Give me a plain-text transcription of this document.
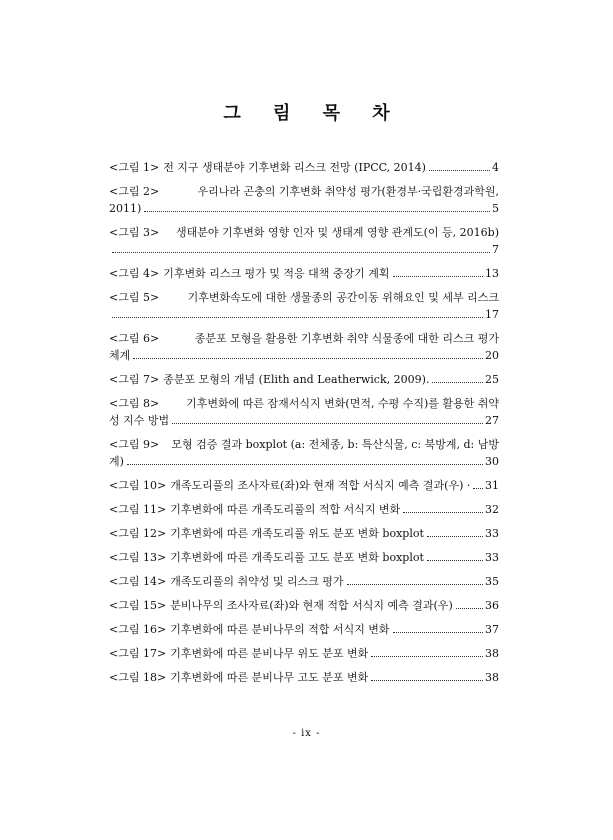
그 림 목 차
<그림 1> 전 지구 생태분야 기후변화 리스크 전망 (IPCC, 2014)	4
<그림 2>	우리나라 곤충의 기후변화 취약성 평가(환경부·국립환경과학원,
2011)	5
<그림 3> 생태분야 기후변화 영향 인자 및 생태계 영향 관계도(이 등, 2016b)
7
<그림 4> 기후변화 리스크 평가 및 적응 대책 중장기 계획	13
<그림 5>	기후변화속도에 대한 생물종의 공간이동 위해요인 및 세부 리스크
17
<그림 6>	종분포 모형을 활용한 기후변화 취약 식물종에 대한 리스크 평가
체계	20
<그림 7> 종분포 모형의 개념 (Elith and Leatherwick, 2009).	25
<그림 8> 기후변화에 따른 잠재서식지 변화(면적, 수평 수직)를 활용한 취약
성 지수 방법	27
<그림 9> 모형 검증 결과 boxplot (a: 전체종, b: 특산식물, c: 북방계, d: 남방
계)	30
<그림 10> 개족도리풀의 조사자료(좌)와 현재 적합 서식지 예측 결과(우) · 31
<그림 11> 기후변화에 따른 개족도리풀의 적합 서식지 변화	32
<그림 12> 기후변화에 따른 개족도리풀 위도 분포 변화 boxplot	33
<그림 13> 기후변화에 따른 개족도리풀 고도 분포 변화 boxplot	33
<그림 14> 개족도리풀의 취약성 및 리스크 평가	35
<그림 15> 분비나무의 조사자료(좌)와 현재 적합 서식지 예측 결과(우)	36
<그림 16> 기후변화에 따른 분비나무의 적합 서식지 변화	37
<그림 17> 기후변화에 따른 분비나무 위도 분포 변화	38
<그림 18> 기후변화에 따른 분비나무 고도 분포 변화	38
- ix -
